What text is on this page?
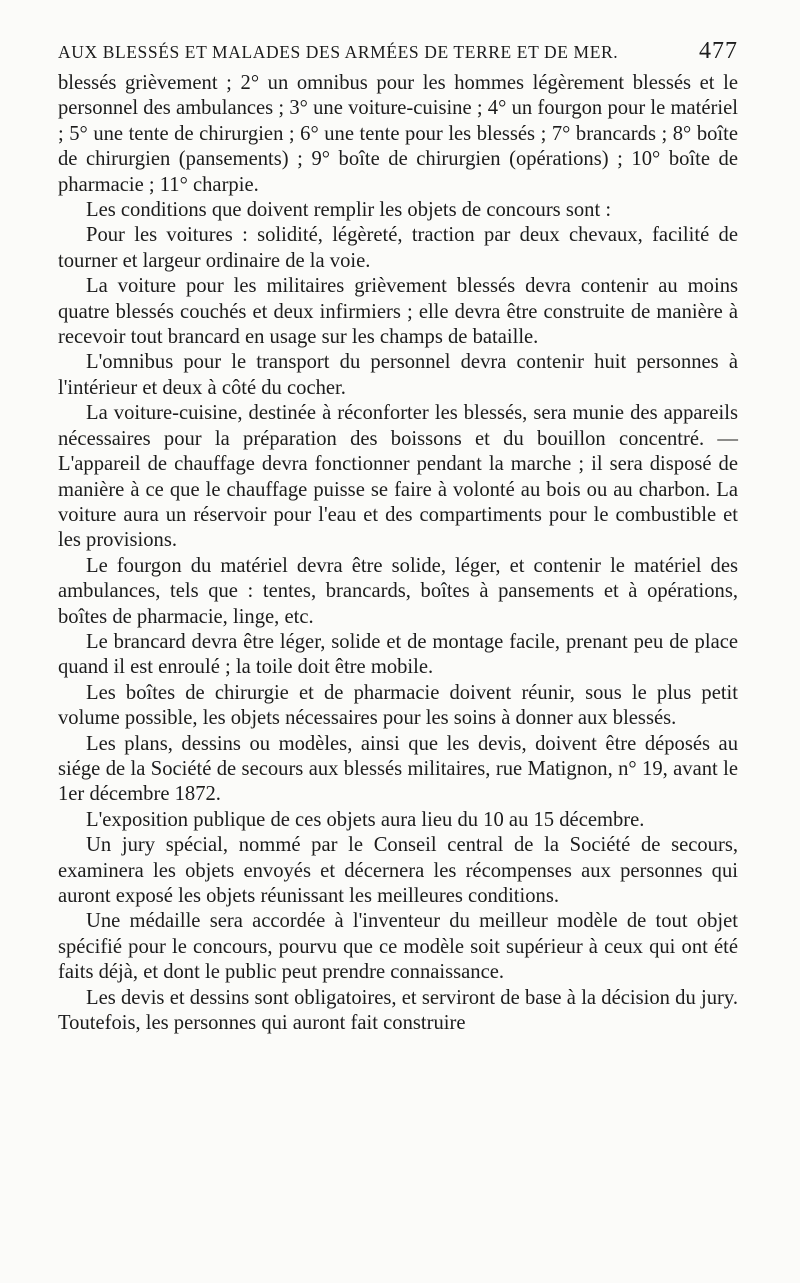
AUX BLESSÉS ET MALADES DES ARMÉES DE TERRE ET DE MER.	477

blessés grièvement ; 2° un omnibus pour les hommes légèrement blessés et le personnel des ambulances ; 3° une voiture-cuisine ; 4° un fourgon pour le matériel ; 5° une tente de chirurgien ; 6° une tente pour les blessés ; 7° brancards ; 8° boîte de chirurgien (pansements) ; 9° boîte de chirurgien (opérations) ; 10° boîte de pharmacie ; 11° charpie.

Les conditions que doivent remplir les objets de concours sont :

Pour les voitures : solidité, légèreté, traction par deux chevaux, facilité de tourner et largeur ordinaire de la voie.

La voiture pour les militaires grièvement blessés devra contenir au moins quatre blessés couchés et deux infirmiers ; elle devra être construite de manière à recevoir tout brancard en usage sur les champs de bataille.

L'omnibus pour le transport du personnel devra contenir huit personnes à l'intérieur et deux à côté du cocher.

La voiture-cuisine, destinée à réconforter les blessés, sera munie des appareils nécessaires pour la préparation des boissons et du bouillon concentré. — L'appareil de chauffage devra fonctionner pendant la marche ; il sera disposé de manière à ce que le chauffage puisse se faire à volonté au bois ou au charbon. La voiture aura un réservoir pour l'eau et des compartiments pour le combustible et les provisions.

Le fourgon du matériel devra être solide, léger, et contenir le matériel des ambulances, tels que : tentes, brancards, boîtes à pansements et à opérations, boîtes de pharmacie, linge, etc.

Le brancard devra être léger, solide et de montage facile, prenant peu de place quand il est enroulé ; la toile doit être mobile.

Les boîtes de chirurgie et de pharmacie doivent réunir, sous le plus petit volume possible, les objets nécessaires pour les soins à donner aux blessés.

Les plans, dessins ou modèles, ainsi que les devis, doivent être déposés au siége de la Société de secours aux blessés militaires, rue Matignon, n° 19, avant le 1er décembre 1872.

L'exposition publique de ces objets aura lieu du 10 au 15 décembre.

Un jury spécial, nommé par le Conseil central de la Société de secours, examinera les objets envoyés et décernera les récompenses aux personnes qui auront exposé les objets réunissant les meilleures conditions.

Une médaille sera accordée à l'inventeur du meilleur modèle de tout objet spécifié pour le concours, pourvu que ce modèle soit supérieur à ceux qui ont été faits déjà, et dont le public peut prendre connaissance.

Les devis et dessins sont obligatoires, et serviront de base à la décision du jury. Toutefois, les personnes qui auront fait construire
